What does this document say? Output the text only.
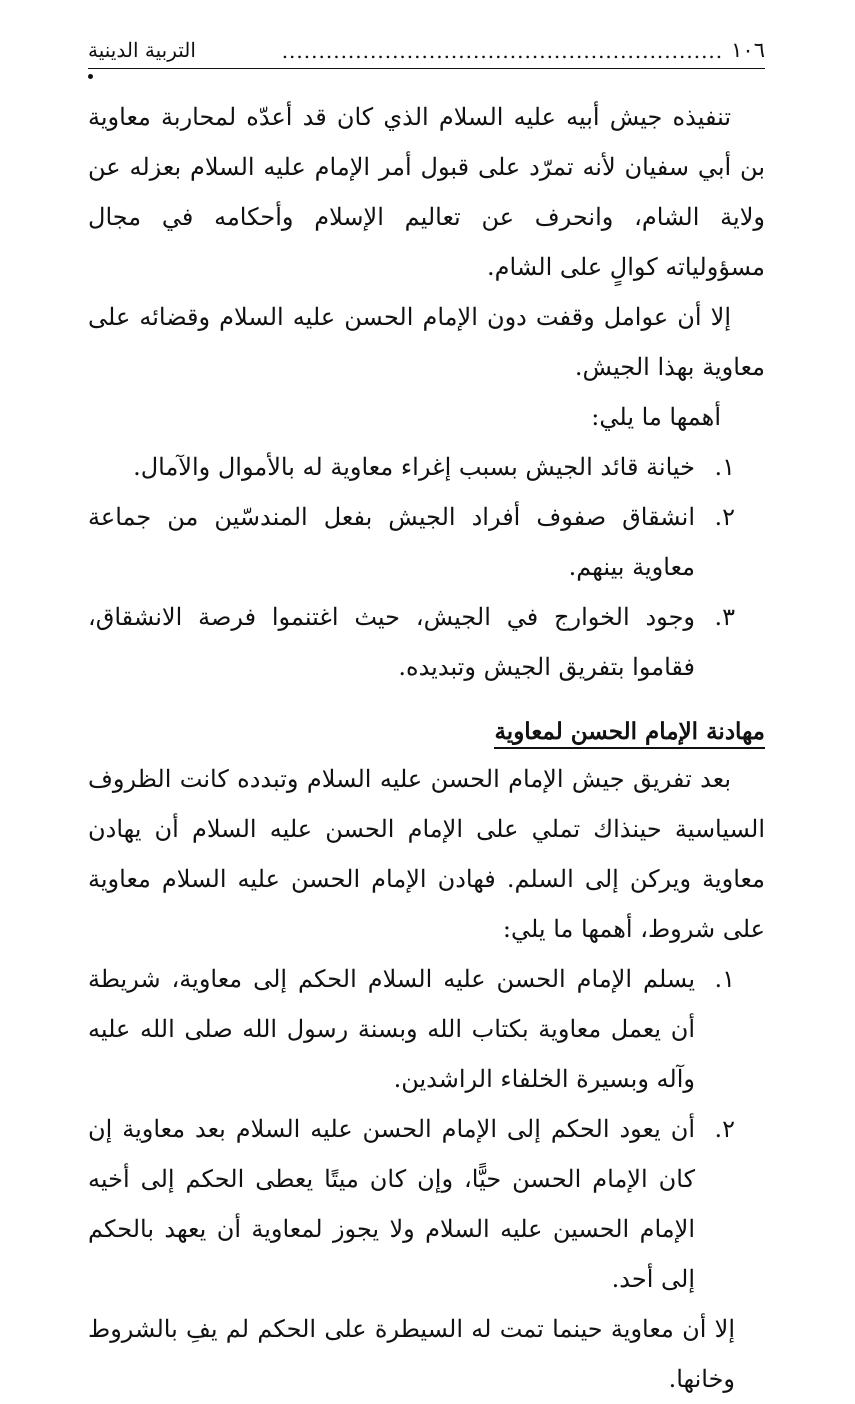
١٠٦
............................................................
التربية الدينية

تنفيذه جيش أبيه عليه السلام الذي كان قد أعدّه لمحاربة معاوية بن أبي سفيان لأنه تمرّد على قبول أمر الإمام عليه السلام بعزله عن ولاية الشام، وانحرف عن تعاليم الإسلام وأحكامه في مجال مسؤولياته كوالٍ على الشام.

إلا أن عوامل وقفت دون الإمام الحسن عليه السلام وقضائه على معاوية بهذا الجيش.

أهمها ما يلي:

١.
خيانة قائد الجيش بسبب إغراء معاوية له بالأموال والآمال.
٢.
انشقاق صفوف أفراد الجيش بفعل المندسّين من جماعة معاوية بينهم.
٣.
وجود الخوارج في الجيش، حيث اغتنموا فرصة الانشقاق، فقاموا بتفريق الجيش وتبديده.
مهادنة الإمام الحسن لمعاوية

بعد تفريق جيش الإمام الحسن عليه السلام وتبدده كانت الظروف السياسية حينذاك تملي على الإمام الحسن عليه السلام أن يهادن معاوية ويركن إلى السلم. فهادن الإمام الحسن عليه السلام معاوية على شروط، أهمها ما يلي:

١.
يسلم الإمام الحسن عليه السلام الحكم إلى معاوية، شريطة أن يعمل معاوية بكتاب الله وبسنة رسول الله صلى الله عليه وآله وبسيرة الخلفاء الراشدين.
٢.
أن يعود الحكم إلى الإمام الحسن عليه السلام بعد معاوية إن كان الإمام الحسن حيًّا، وإن كان ميتًا يعطى الحكم إلى أخيه الإمام الحسين عليه السلام ولا يجوز لمعاوية أن يعهد بالحكم إلى أحد.

إلا أن معاوية حينما تمت له السيطرة على الحكم لم يفِ بالشروط وخانها.
